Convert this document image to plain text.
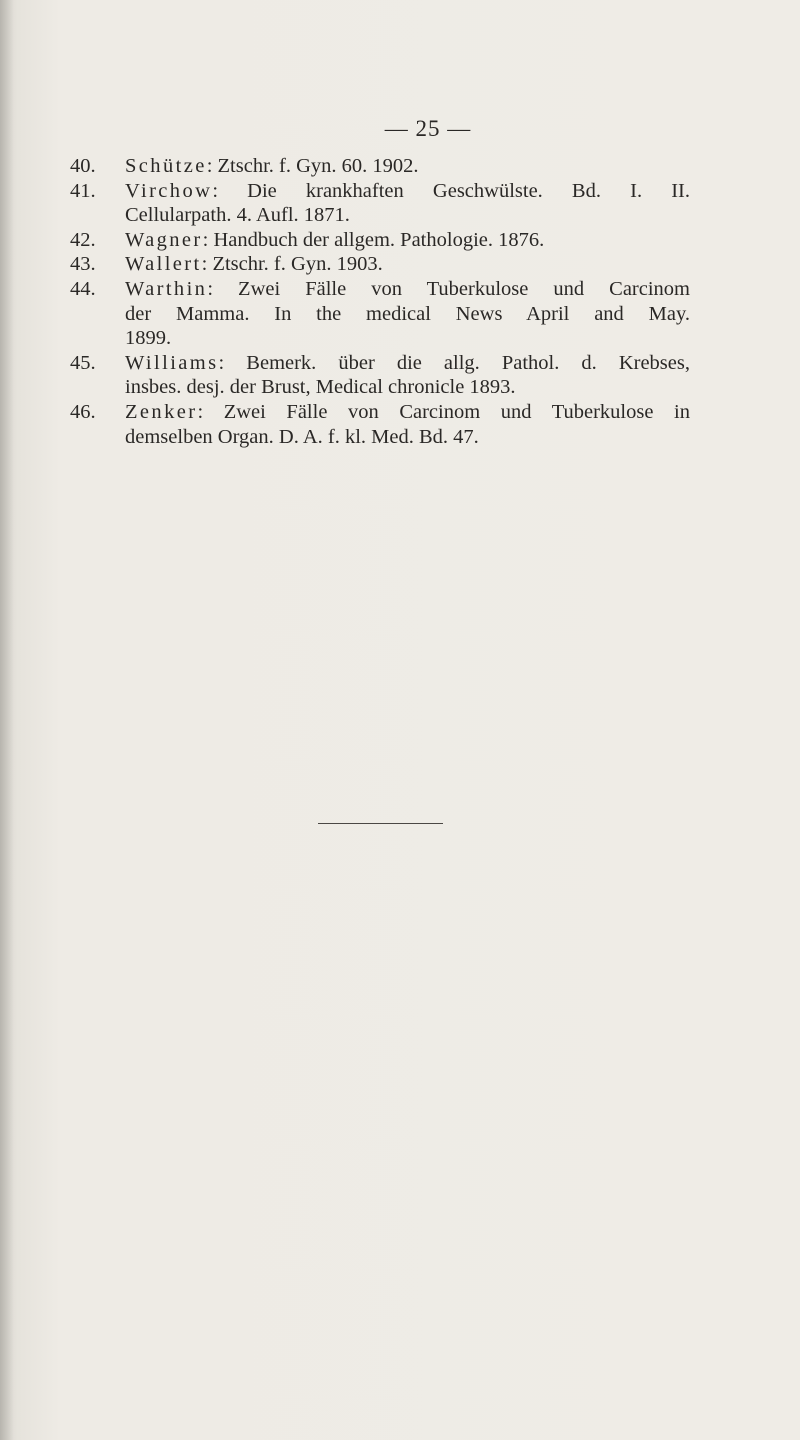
— 25 —
40.	Schütze: Ztschr. f. Gyn. 60. 1902.
41.	Virchow: Die krankhaften Geschwülste. Bd. I. II.
Cellularpath. 4. Aufl. 1871.
42.	Wagner: Handbuch der allgem. Pathologie. 1876.
43.	Wallert: Ztschr. f. Gyn. 1903.
44.	Warthin: Zwei Fälle von Tuberkulose und Carcinom
der Mamma. In the medical News April and May.
1899.
45.	Williams: Bemerk. über die allg. Pathol. d. Krebses,
insbes. desj. der Brust, Medical chronicle 1893.
46.	Zenker: Zwei Fälle von Carcinom und Tuberkulose in
demselben Organ. D. A. f. kl. Med. Bd. 47.
